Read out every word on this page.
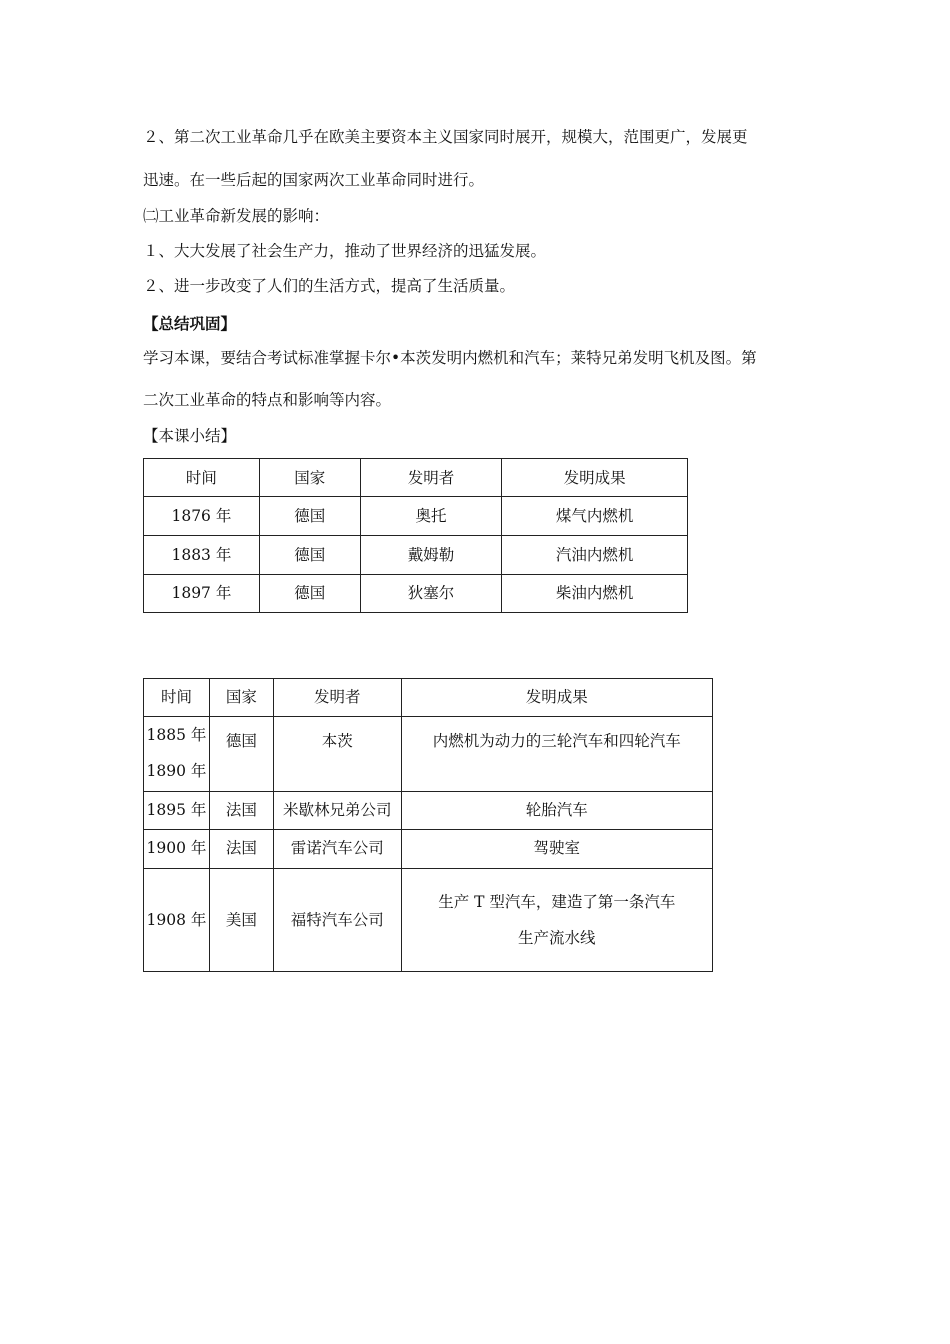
２、第二次工业革命几乎在欧美主要资本主义国家同时展开，规模大，范围更广，发展更
迅速。在一些后起的国家两次工业革命同时进行。
㈡工业革命新发展的影响：
１、大大发展了社会生产力，推动了世界经济的迅猛发展。
２、进一步改变了人们的生活方式，提高了生活质量。
【总结巩固】
学习本课，要结合考试标准掌握卡尔•本茨发明内燃机和汽车；莱特兄弟发明飞机及图。第
二次工业革命的特点和影响等内容。
【本课小结】
时间	国家	发明者	发明成果
1876 年	德国	奥托	煤气内燃机
1883 年	德国	戴姆勒	汽油内燃机
1897 年	德国	狄塞尔	柴油内燃机
时间	国家	发明者	发明成果

1885 年
1890 年	德国	本茨	内燃机为动力的三轮汽车和四轮汽车
1895 年	法国	米歇林兄弟公司	轮胎汽车
1900 年	法国	雷诺汽车公司	驾驶室
1908 年	美国	福特汽车公司	生产 T 型汽车，建造了第一条汽车
生产流水线
